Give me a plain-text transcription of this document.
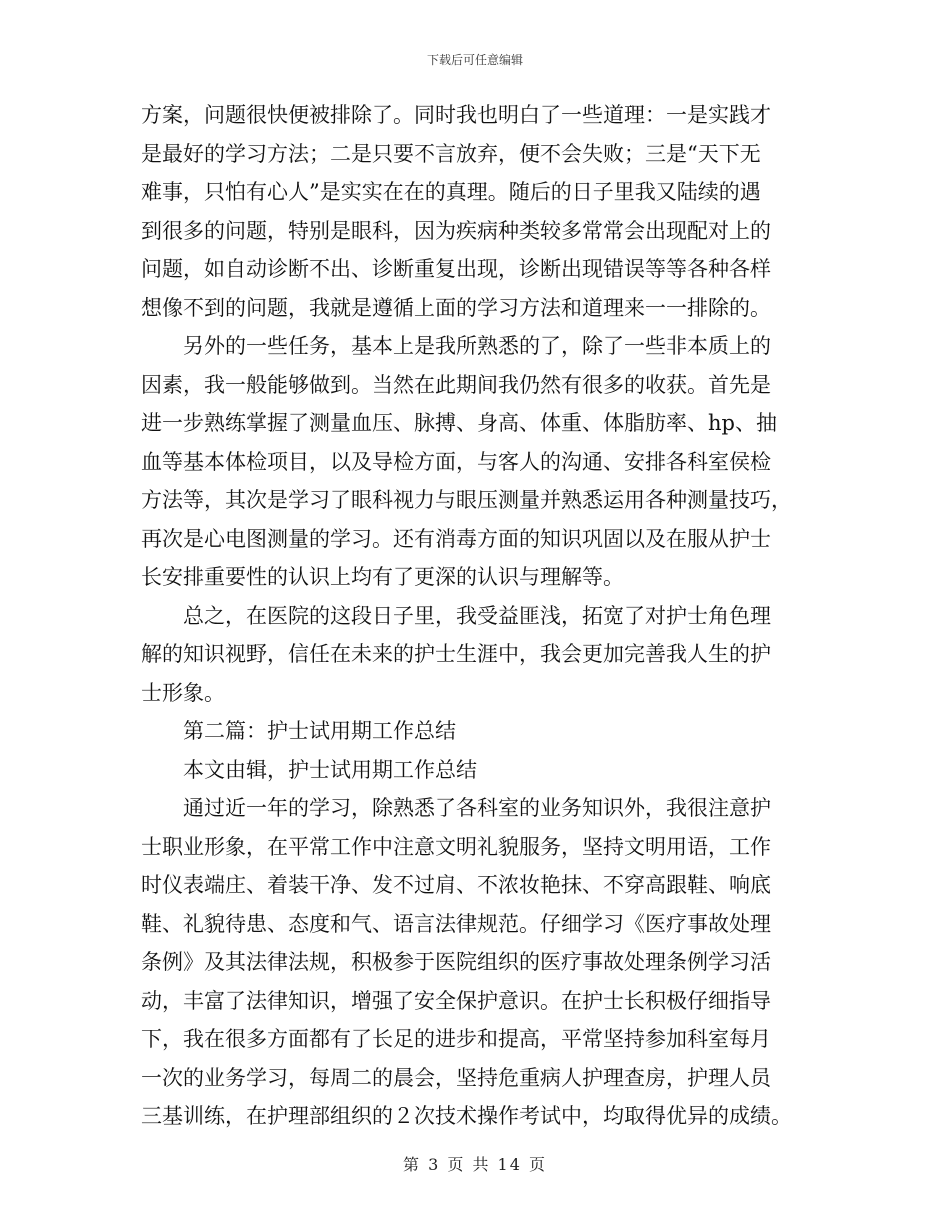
下载后可任意编辑
方案，问题很快便被排除了。同时我也明白了一些道理：一是实践才
是最好的学习方法；二是只要不言放弃，便不会失败；三是“天下无
难事，只怕有心人”是实实在在的真理。随后的日子里我又陆续的遇
到很多的问题，特别是眼科，因为疾病种类较多常常会出现配对上的
问题，如自动诊断不出、诊断重复出现，诊断出现错误等等各种各样
想像不到的问题，我就是遵循上面的学习方法和道理来一一排除的。
另外的一些任务，基本上是我所熟悉的了，除了一些非本质上的
因素，我一般能够做到。当然在此期间我仍然有很多的收获。首先是
进一步熟练掌握了测量血压、脉搏、身高、体重、体脂肪率、hp、抽
血等基本体检项目，以及导检方面，与客人的沟通、安排各科室侯检
方法等，其次是学习了眼科视力与眼压测量并熟悉运用各种测量技巧，
再次是心电图测量的学习。还有消毒方面的知识巩固以及在服从护士
长安排重要性的认识上均有了更深的认识与理解等。
总之，在医院的这段日子里，我受益匪浅，拓宽了对护士角色理
解的知识视野，信任在未来的护士生涯中，我会更加完善我人生的护
士形象。
第二篇：护士试用期工作总结
本文由辑，护士试用期工作总结
通过近一年的学习，除熟悉了各科室的业务知识外，我很注意护
士职业形象，在平常工作中注意文明礼貌服务，坚持文明用语，工作
时仪表端庄、着装干净、发不过肩、不浓妆艳抹、不穿高跟鞋、响底
鞋、礼貌待患、态度和气、语言法律规范。仔细学习《医疗事故处理
条例》及其法律法规，积极参于医院组织的医疗事故处理条例学习活
动，丰富了法律知识，增强了安全保护意识。在护士长积极仔细指导
下，我在很多方面都有了长足的进步和提高，平常坚持参加科室每月
一次的业务学习，每周二的晨会，坚持危重病人护理查房，护理人员
三基训练，在护理部组织的２次技术操作考试中，均取得优异的成绩。
第 3 页 共 14 页
